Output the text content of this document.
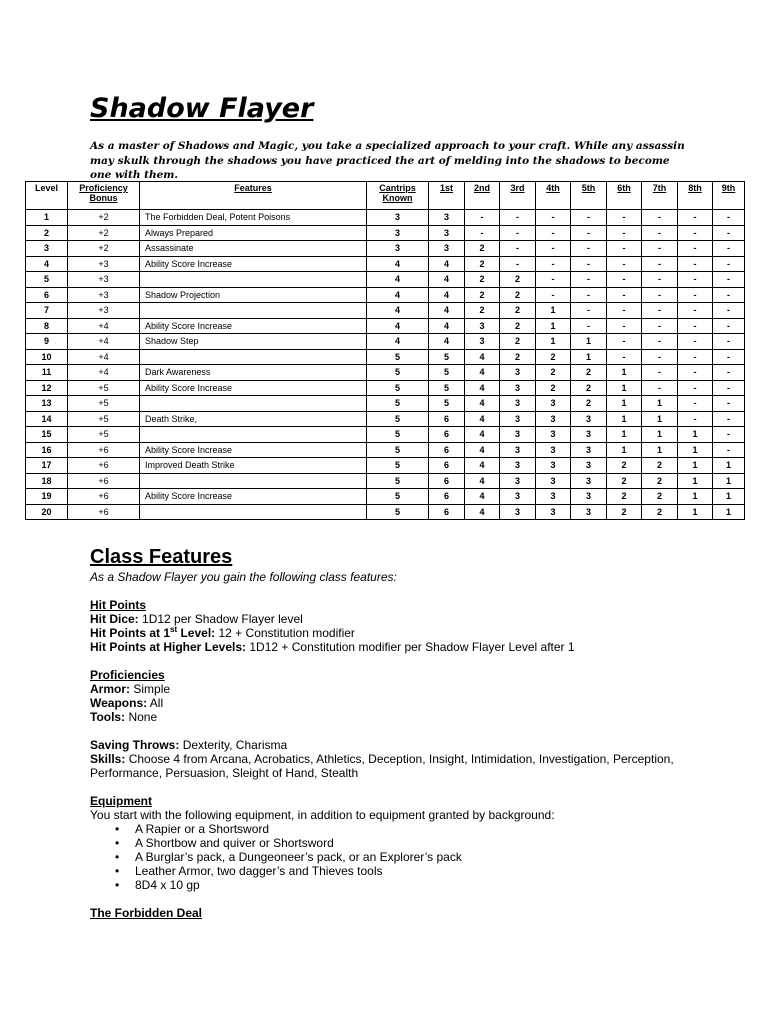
Shadow Flayer

As a master of Shadows and Magic, you take a specialized approach to your craft. While any assassin may skulk through the shadows you have practiced the art of melding into the shadows to become one with them.

Level	Proficiency Bonus	Features	Cantrips Known	1st	2nd	3rd	4th	5th	6th	7th	8th	9th
1	+2	The Forbidden Deal, Potent Poisons	3	3	-	-	-	-	-	-	-	-
2	+2	Always Prepared	3	3	-	-	-	-	-	-	-	-
3	+2	Assassinate	3	3	2	-	-	-	-	-	-	-
4	+3	Ability Score Increase	4	4	2	-	-	-	-	-	-	-
5	+3		4	4	2	2	-	-	-	-	-	-
6	+3	Shadow Projection	4	4	2	2	-	-	-	-	-	-
7	+3		4	4	2	2	1	-	-	-	-	-
8	+4	Ability Score Increase	4	4	3	2	1	-	-	-	-	-
9	+4	Shadow Step	4	4	3	2	1	1	-	-	-	-
10	+4		5	5	4	2	2	1	-	-	-	-
11	+4	Dark Awareness	5	5	4	3	2	2	1	-	-	-
12	+5	Ability Score Increase	5	5	4	3	2	2	1	-	-	-
13	+5		5	5	4	3	3	2	1	1	-	-
14	+5	Death Strike,	5	6	4	3	3	3	1	1	-	-
15	+5		5	6	4	3	3	3	1	1	1	-
16	+6	Ability Score Increase	5	6	4	3	3	3	1	1	1	-
17	+6	Improved Death Strike	5	6	4	3	3	3	2	2	1	1
18	+6		5	6	4	3	3	3	2	2	1	1
19	+6	Ability Score Increase	5	6	4	3	3	3	2	2	1	1
20	+6		5	6	4	3	3	3	2	2	1	1
Class Features
As a Shadow Flayer you gain the following class features:
Hit Points
Hit Dice: 1D12 per Shadow Flayer level
Hit Points at 1st Level: 12 + Constitution modifier
Hit Points at Higher Levels: 1D12 + Constitution modifier per Shadow Flayer Level after 1
Proficiencies
Armor: Simple
Weapons: All
Tools: None
Saving Throws: Dexterity, Charisma
Skills: Choose 4 from Arcana, Acrobatics, Athletics, Deception, Insight, Intimidation, Investigation, Perception, Performance, Persuasion, Sleight of Hand, Stealth
Equipment
You start with the following equipment, in addition to equipment granted by background:
• A Rapier or a Shortsword
• A Shortbow and quiver or Shortsword
• A Burglar’s pack, a Dungeoneer’s pack, or an Explorer’s pack
• Leather Armor, two dagger’s and Thieves tools
• 8D4 x 10 gp
The Forbidden Deal
